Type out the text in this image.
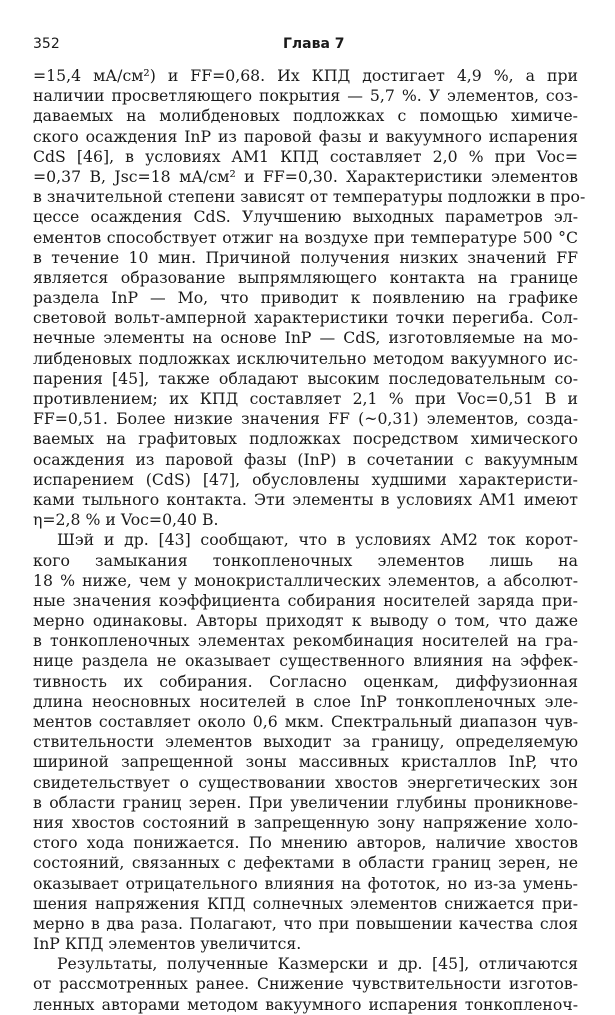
352	Глава 7
=15,4 мА/см²) и FF=0,68. Их КПД достигает 4,9 %, а при
наличии просветляющего покрытия — 5,7 %. У элементов, соз-
даваемых на молибденовых подложках с помощью химиче-
ского осаждения InP из паровой фазы и вакуумного испарения
CdS [46], в условиях AM1 КПД составляет 2,0 % при Voc=
=0,37 В, Jsc=18 мА/см² и FF=0,30. Характеристики элементов
в значительной степени зависят от температуры подложки в про-
цессе осаждения CdS. Улучшению выходных параметров эл-
ементов способствует отжиг на воздухе при температуре 500 °C
в течение 10 мин. Причиной получения низких значений FF
является образование выпрямляющего контакта на границе
раздела InP — Mo, что приводит к появлению на графике
световой вольт-амперной характеристики точки перегиба. Сол-
нечные элементы на основе InP — CdS, изготовляемые на мо-
либденовых подложках исключительно методом вакуумного ис-
парения [45], также обладают высоким последовательным со-
противлением; их КПД составляет 2,1 % при Voc=0,51 В и
FF=0,51. Более низкие значения FF (~0,31) элементов, созда-
ваемых на графитовых подложках посредством химического
осаждения из паровой фазы (InP) в сочетании с вакуумным
испарением (CdS) [47], обусловлены худшими характеристи-
ками тыльного контакта. Эти элементы в условиях AM1 имеют
η=2,8 % и Voc=0,40 В.
Шэй и др. [43] сообщают, что в условиях AM2 ток корот-
кого замыкания тонкопленочных элементов лишь на
18 % ниже, чем у монокристаллических элементов, а абсолют-
ные значения коэффициента собирания носителей заряда при-
мерно одинаковы. Авторы приходят к выводу о том, что даже
в тонкопленочных элементах рекомбинация носителей на гра-
нице раздела не оказывает существенного влияния на эффек-
тивность их собирания. Согласно оценкам, диффузионная
длина неосновных носителей в слое InP тонкопленочных эле-
ментов составляет около 0,6 мкм. Спектральный диапазон чув-
ствительности элементов выходит за границу, определяемую
шириной запрещенной зоны массивных кристаллов InP, что
свидетельствует о существовании хвостов энергетических зон
в области границ зерен. При увеличении глубины проникнове-
ния хвостов состояний в запрещенную зону напряжение холо-
стого хода понижается. По мнению авторов, наличие хвостов
состояний, связанных с дефектами в области границ зерен, не
оказывает отрицательного влияния на фототок, но из-за умень-
шения напряжения КПД солнечных элементов снижается при-
мерно в два раза. Полагают, что при повышении качества слоя
InP КПД элементов увеличится.
Результаты, полученные Казмерски и др. [45], отличаются
от рассмотренных ранее. Снижение чувствительности изготов-
ленных авторами методом вакуумного испарения тонкопленоч-
